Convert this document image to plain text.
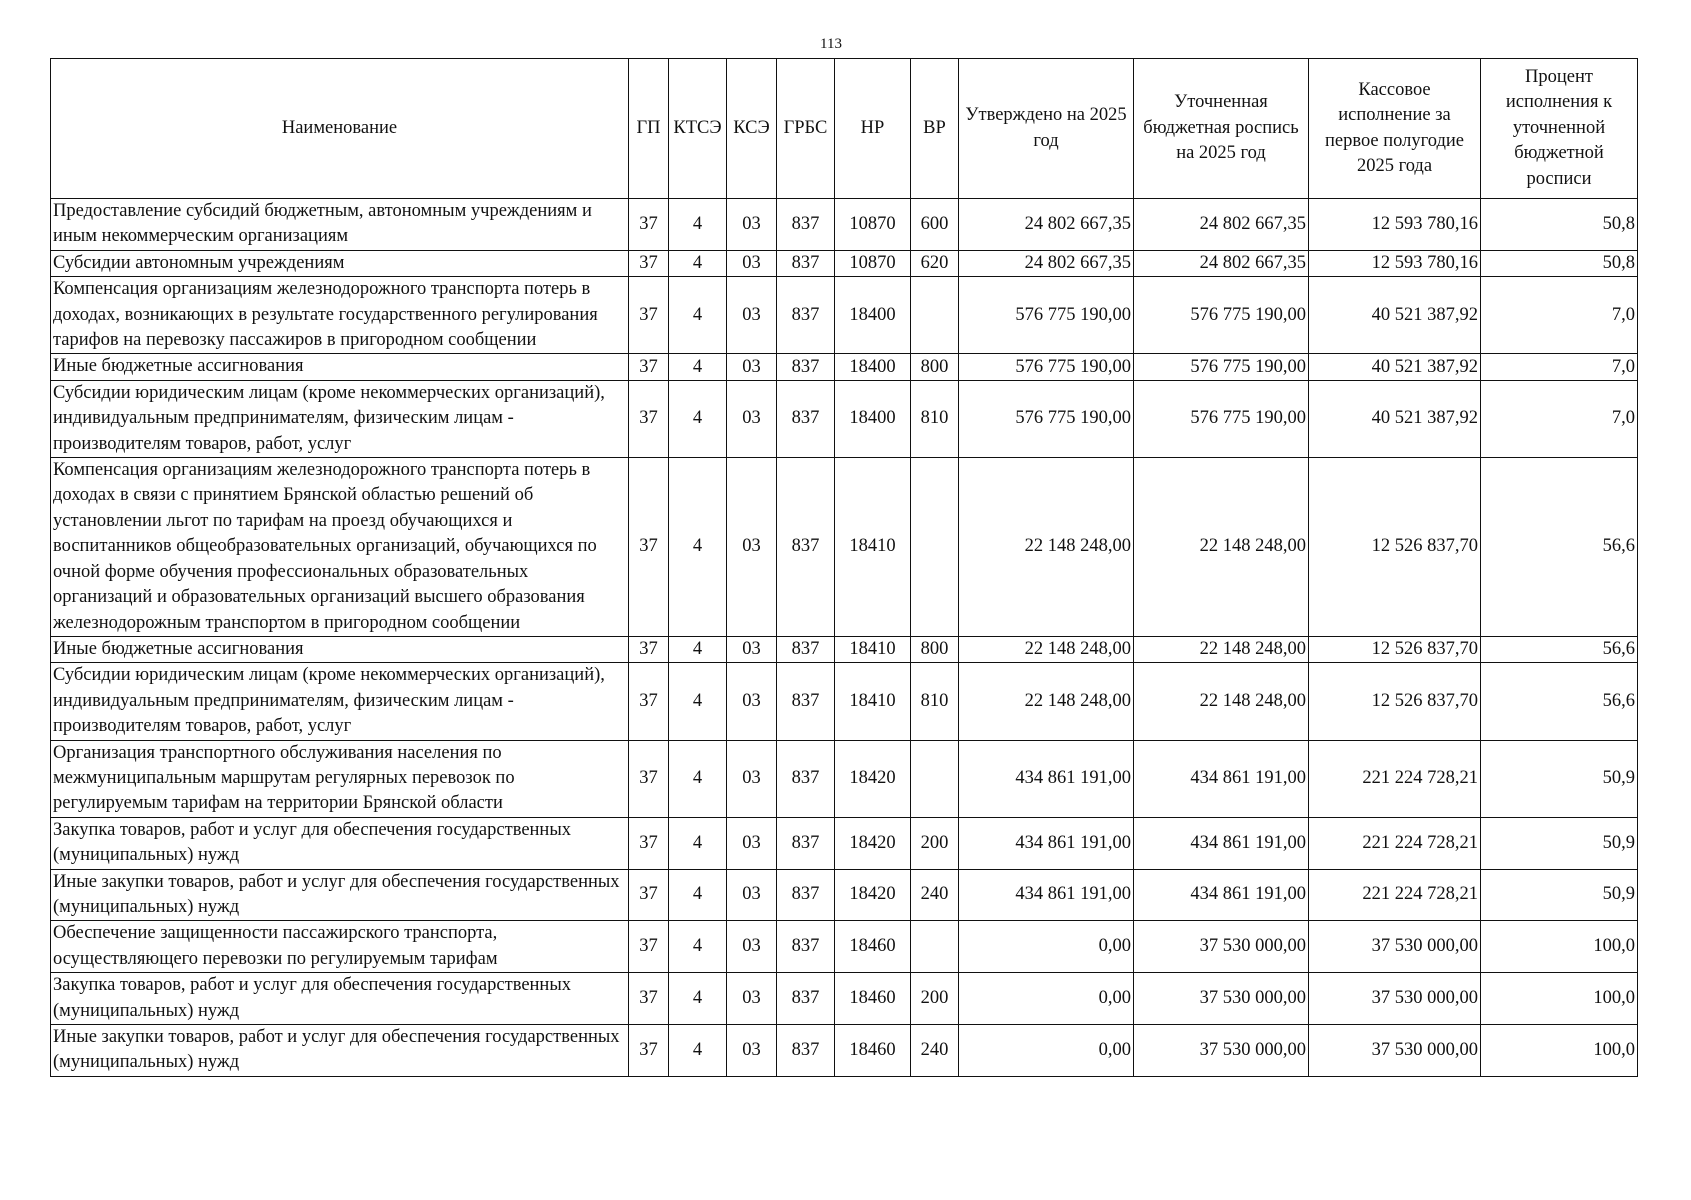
113
Наименование	ГП	КТСЭ	КСЭ	ГРБС	НР	ВР	Утверждено на 2025 год	Уточненная бюджетная роспись на 2025 год	Кассовое исполнение за первое полугодие 2025 года	Процент исполнения к уточненной бюджетной росписи
Предоставление субсидий бюджетным, автономным учреждениям и иным некоммерческим организациям	37	4	03	837	10870	600	24 802 667,35	24 802 667,35	12 593 780,16	50,8
Субсидии автономным учреждениям	37	4	03	837	10870	620	24 802 667,35	24 802 667,35	12 593 780,16	50,8
Компенсация организациям железнодорожного транспорта потерь в доходах, возникающих в результате государственного регулирования тарифов на перевозку пассажиров в пригородном сообщении	37	4	03	837	18400		576 775 190,00	576 775 190,00	40 521 387,92	7,0
Иные бюджетные ассигнования	37	4	03	837	18400	800	576 775 190,00	576 775 190,00	40 521 387,92	7,0
Субсидии юридическим лицам (кроме некоммерческих организаций), индивидуальным предпринимателям, физическим лицам - производителям товаров, работ, услуг	37	4	03	837	18400	810	576 775 190,00	576 775 190,00	40 521 387,92	7,0
Компенсация организациям железнодорожного транспорта потерь в доходах в связи с принятием Брянской областью решений об установлении льгот по тарифам на проезд обучающихся и воспитанников общеобразовательных организаций, обучающихся по очной форме обучения профессиональных образовательных организаций и образовательных организаций высшего образования железнодорожным транспортом в пригородном сообщении	37	4	03	837	18410		22 148 248,00	22 148 248,00	12 526 837,70	56,6
Иные бюджетные ассигнования	37	4	03	837	18410	800	22 148 248,00	22 148 248,00	12 526 837,70	56,6
Субсидии юридическим лицам (кроме некоммерческих организаций), индивидуальным предпринимателям, физическим лицам - производителям товаров, работ, услуг	37	4	03	837	18410	810	22 148 248,00	22 148 248,00	12 526 837,70	56,6
Организация транспортного обслуживания населения по межмуниципальным маршрутам регулярных перевозок по регулируемым тарифам на территории Брянской области	37	4	03	837	18420		434 861 191,00	434 861 191,00	221 224 728,21	50,9
Закупка товаров, работ и услуг для обеспечения государственных (муниципальных) нужд	37	4	03	837	18420	200	434 861 191,00	434 861 191,00	221 224 728,21	50,9
Иные закупки товаров, работ и услуг для обеспечения государственных (муниципальных) нужд	37	4	03	837	18420	240	434 861 191,00	434 861 191,00	221 224 728,21	50,9
Обеспечение защищенности пассажирского транспорта, осуществляющего перевозки по регулируемым тарифам	37	4	03	837	18460		0,00	37 530 000,00	37 530 000,00	100,0
Закупка товаров, работ и услуг для обеспечения государственных (муниципальных) нужд	37	4	03	837	18460	200	0,00	37 530 000,00	37 530 000,00	100,0
Иные закупки товаров, работ и услуг для обеспечения государственных (муниципальных) нужд	37	4	03	837	18460	240	0,00	37 530 000,00	37 530 000,00	100,0
